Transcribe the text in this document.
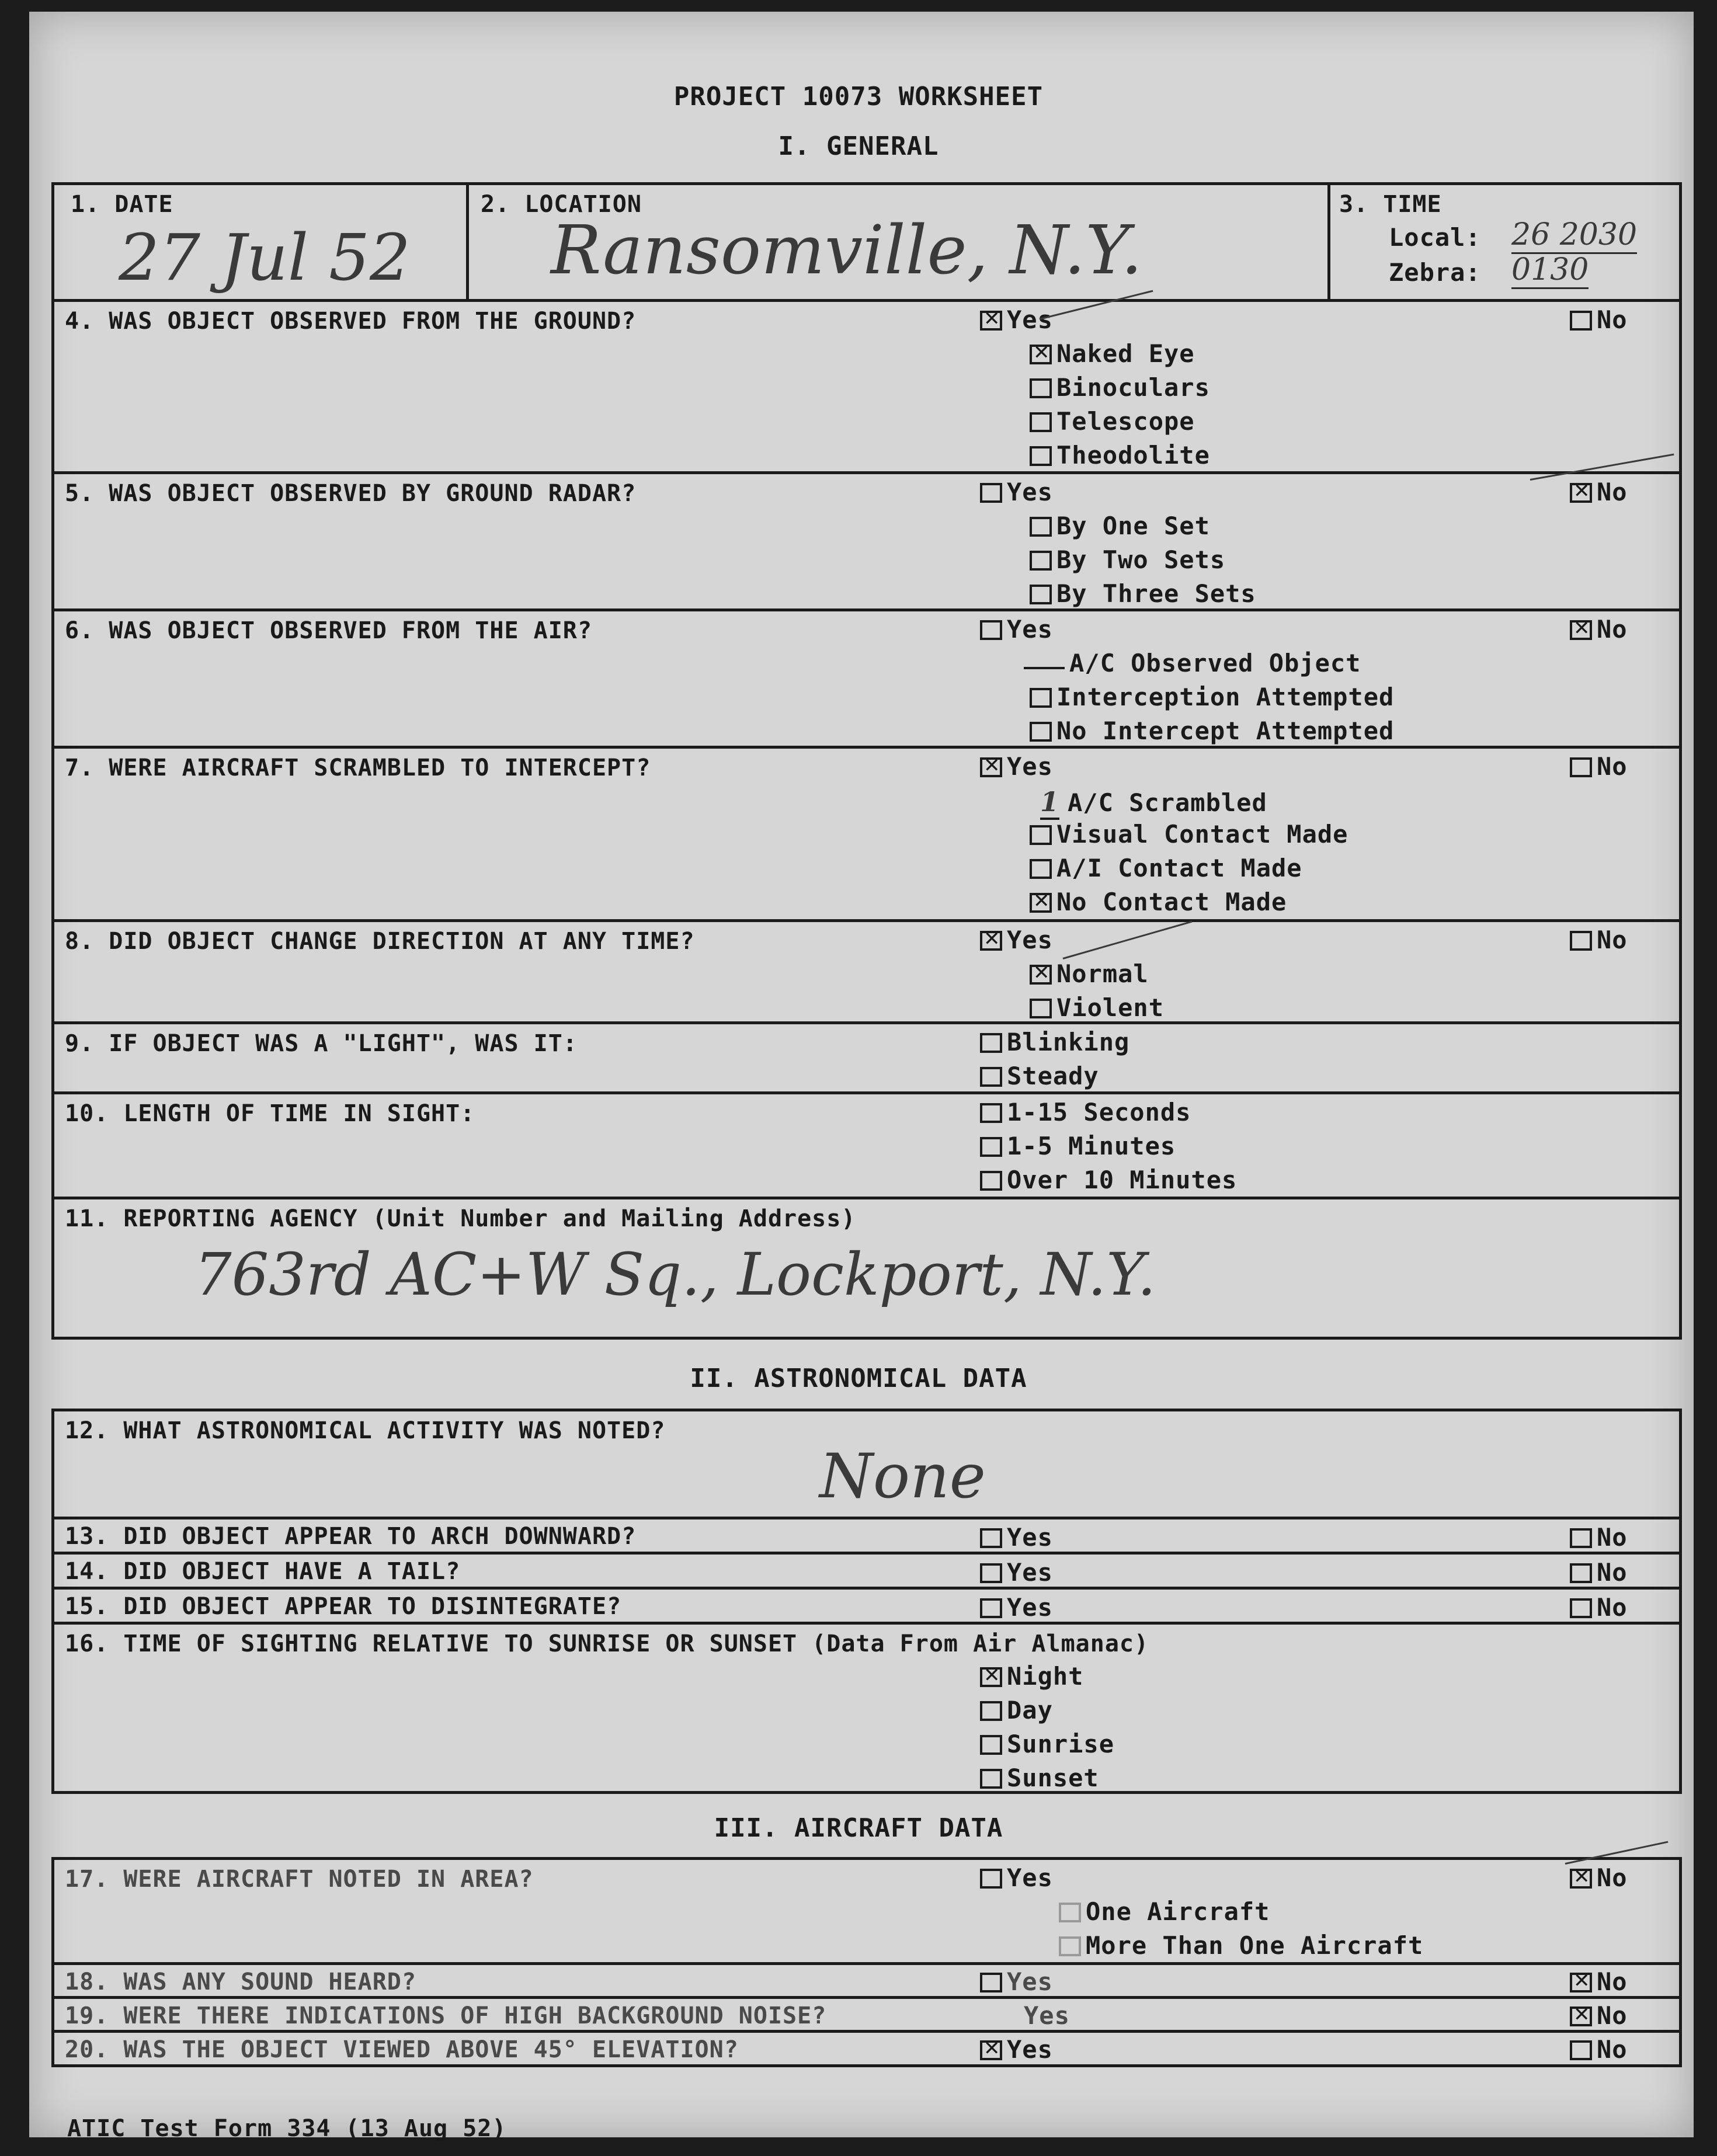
PROJECT 10073 WORKSHEET
I. GENERAL
1. DATE
27 Jul 52
2. LOCATION
Ransomville, N.Y.
3. TIME
Local: 26 2030
Zebra: 0130
4. WAS OBJECT OBSERVED FROM THE GROUND? ✕	Yes	No
✕Naked Eye
Binoculars
Telescope
Theodolite
5. WAS OBJECT OBSERVED BY GROUND RADAR?	Yes ✕	No
By One Set
By Two Sets
By Three Sets
6. WAS OBJECT OBSERVED FROM THE AIR?	Yes ✕	No
A/C Observed Object
Interception Attempted
No Intercept Attempted
7. WERE AIRCRAFT SCRAMBLED TO INTERCEPT? ✕	Yes	No
1 A/C Scrambled
Visual Contact Made
A/I Contact Made
✕No Contact Made
8. DID OBJECT CHANGE DIRECTION AT ANY TIME? ✕	Yes	No
✕Normal
Violent
9. IF OBJECT WAS A "LIGHT", WAS IT:	Blinking
Steady
10. LENGTH OF TIME IN SIGHT:	1-15 Seconds
1-5 Minutes
Over 10 Minutes
11. REPORTING AGENCY (Unit Number and Mailing Address)
763rd AC+W Sq., Lockport, N.Y.
II. ASTRONOMICAL DATA
12. WHAT ASTRONOMICAL ACTIVITY WAS NOTED?
None
13. DID OBJECT APPEAR TO ARCH DOWNWARD?	Yes	No
14. DID OBJECT HAVE A TAIL?	Yes	No
15. DID OBJECT APPEAR TO DISINTEGRATE?	Yes	No
16. TIME OF SIGHTING RELATIVE TO SUNRISE OR SUNSET (Data From Air Almanac)
✕Night
Day
Sunrise
Sunset
III. AIRCRAFT DATA
17. WERE AIRCRAFT NOTED IN AREA?	Yes ✕	No
One Aircraft
More Than One Aircraft
18. WAS ANY SOUND HEARD?	Yes ✕	No
19. WERE THERE INDICATIONS OF HIGH BACKGROUND NOISE?	Yes ✕	No
20. WAS THE OBJECT VIEWED ABOVE 45° ELEVATION? ✕	Yes	No
ATIC Test Form 334 (13 Aug 52)
